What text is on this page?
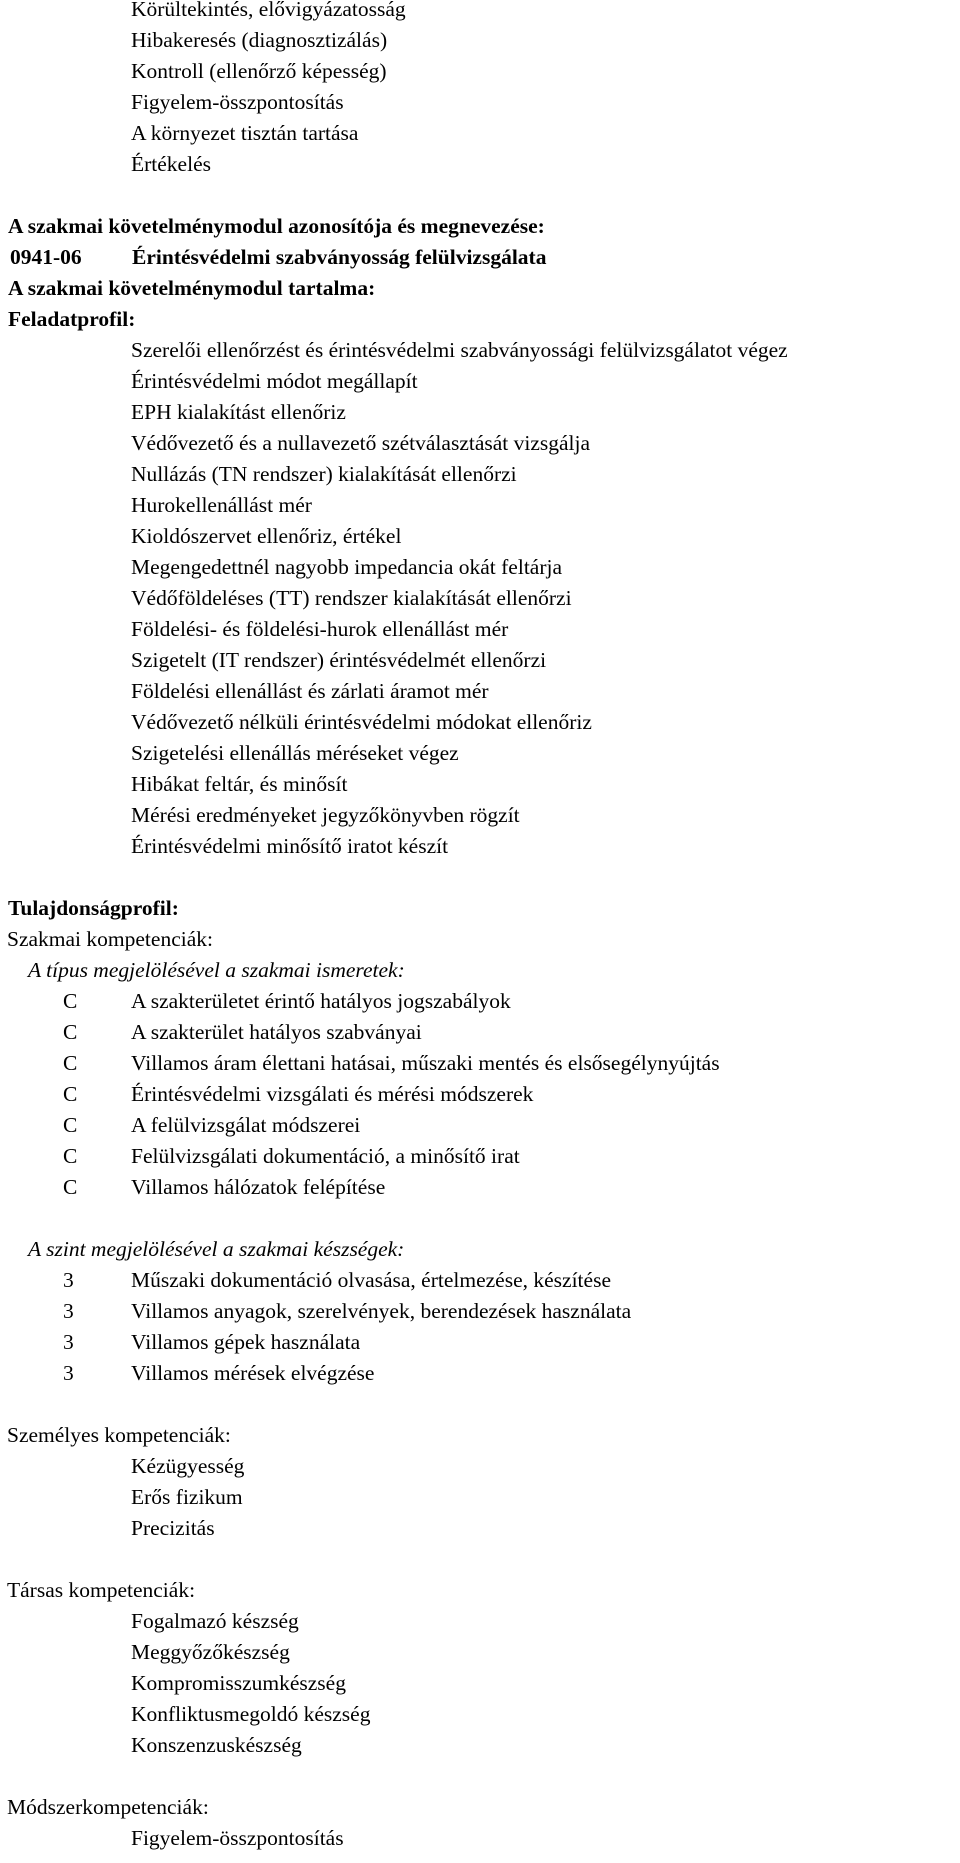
Körültekintés, elővigyázatosság
Hibakeresés (diagnosztizálás)
Kontroll (ellenőrző képesség)
Figyelem-összpontosítás
A környezet tisztán tartása
Értékelés
A szakmai követelménymodul azonosítója és megnevezése:
0941-06 Érintésvédelmi szabványosság felülvizsgálata
A szakmai követelménymodul tartalma:
Feladatprofil:
Szerelői ellenőrzést és érintésvédelmi szabványossági felülvizsgálatot végez
Érintésvédelmi módot megállapít
EPH kialakítást ellenőriz
Védővezető és a nullavezető szétválasztását vizsgálja
Nullázás (TN rendszer) kialakítását ellenőrzi
Hurokellenállást mér
Kioldószervet ellenőriz, értékel
Megengedettnél nagyobb impedancia okát feltárja
Védőföldeléses (TT) rendszer kialakítását ellenőrzi
Földelési- és földelési-hurok ellenállást mér
Szigetelt (IT rendszer) érintésvédelmét ellenőrzi
Földelési ellenállást és zárlati áramot mér
Védővezető nélküli érintésvédelmi módokat ellenőriz
Szigetelési ellenállás méréseket végez
Hibákat feltár, és minősít
Mérési eredményeket jegyzőkönyvben rögzít
Érintésvédelmi minősítő iratot készít
Tulajdonságprofil:
Szakmai kompetenciák:
A típus megjelölésével a szakmai ismeretek:
C A szakterületet érintő hatályos jogszabályok
C A szakterület hatályos szabványai
C Villamos áram élettani hatásai, műszaki mentés és elsősegélynyújtás
C Érintésvédelmi vizsgálati és mérési módszerek
C A felülvizsgálat módszerei
C Felülvizsgálati dokumentáció, a minősítő irat
C Villamos hálózatok felépítése
A szint megjelölésével a szakmai készségek:
3	Műszaki dokumentáció olvasása, értelmezése, készítése
3	Villamos anyagok, szerelvények, berendezések használata
3	Villamos gépek használata
3	Villamos mérések elvégzése
Személyes kompetenciák:
Kézügyesség
Erős fizikum
Precizitás
Társas kompetenciák:
Fogalmazó készség
Meggyőzőkészség
Kompromisszumkészség
Konfliktusmegoldó készség
Konszenzuskészség
Módszerkompetenciák:
Figyelem-összpontosítás
